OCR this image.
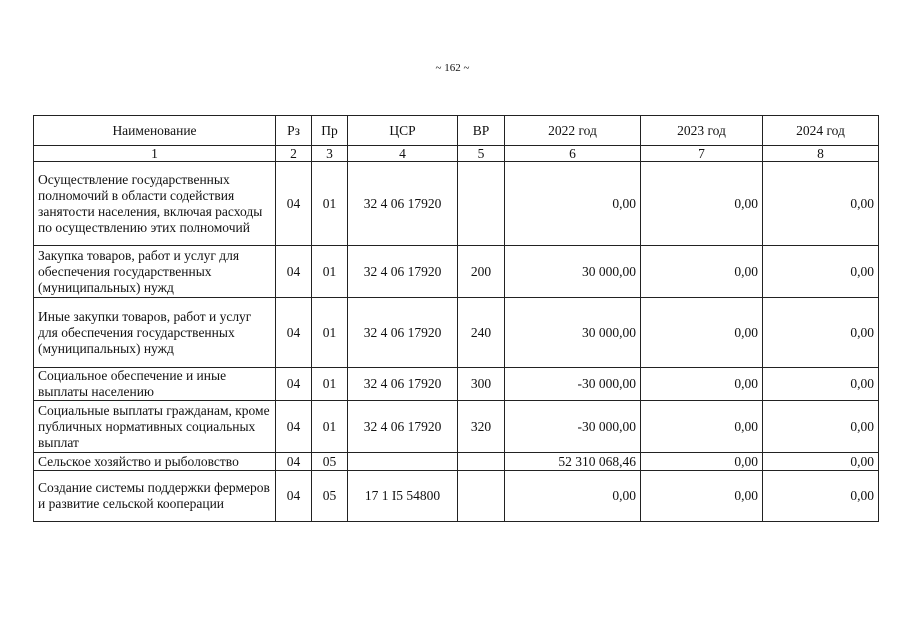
~ 162 ~
Наименование	Рз	Пр	ЦСР	ВР	2022 год	2023 год	2024 год
1	2	3	4	5	6	7	8
Осуществление государственных полномочий в области содействия занятости населения, включая расходы по осуществлению этих полномочий	04	01	32 4 06 17920		0,00	0,00	0,00
Закупка товаров, работ и услуг для обеспечения государственных (муниципальных) нужд	04	01	32 4 06 17920	200	30 000,00	0,00	0,00
Иные закупки товаров, работ и услуг для обеспечения государственных (муниципальных) нужд	04	01	32 4 06 17920	240	30 000,00	0,00	0,00
Социальное обеспечение и иные выплаты населению	04	01	32 4 06 17920	300	-30 000,00	0,00	0,00
Социальные выплаты гражданам, кроме публичных нормативных социальных выплат	04	01	32 4 06 17920	320	-30 000,00	0,00	0,00
Сельское хозяйство и рыболовство	04	05			52 310 068,46	0,00	0,00
Создание системы поддержки фермеров и развитие сельской кооперации	04	05	17 1 I5 54800		0,00	0,00	0,00
